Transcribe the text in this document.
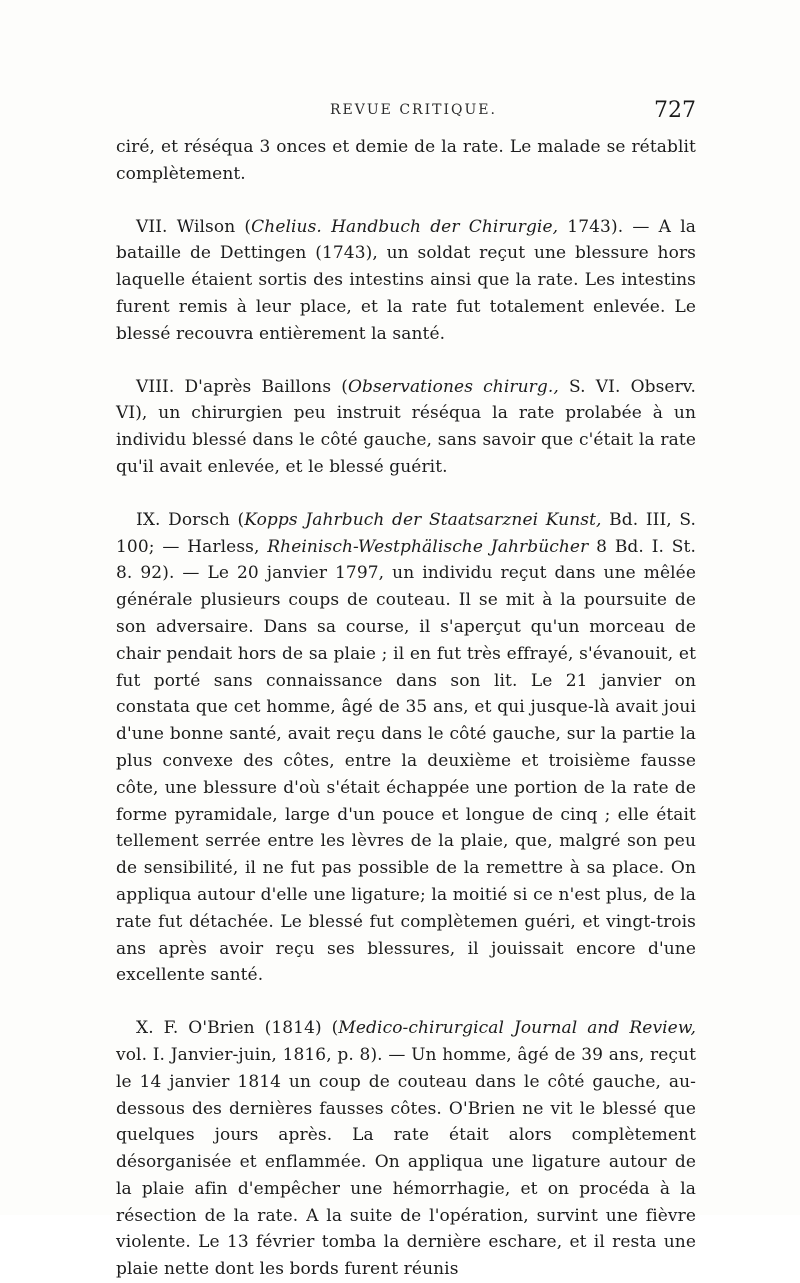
REVUE CRITIQUE.	727

ciré, et réséqua 3 onces et demie de la rate. Le malade se rétablit complètement.

VII. Wilson (Chelius. Handbuch der Chirurgie, 1743). — A la bataille de Dettingen (1743), un soldat reçut une blessure hors laquelle étaient sortis des intestins ainsi que la rate. Les intestins furent remis à leur place, et la rate fut totalement enlevée. Le blessé recouvra entièrement la santé.

VIII. D'après Baillons (Observationes chirurg., S. VI. Observ. VI), un chirurgien peu instruit réséqua la rate prolabée à un individu blessé dans le côté gauche, sans savoir que c'était la rate qu'il avait enlevée, et le blessé guérit.

IX. Dorsch (Kopps Jahrbuch der Staatsarznei Kunst, Bd. III, S. 100; — Harless, Rheinisch-Westphälische Jahrbücher 8 Bd. I. St. 8. 92). — Le 20 janvier 1797, un individu reçut dans une mêlée générale plusieurs coups de couteau. Il se mit à la poursuite de son adversaire. Dans sa course, il s'aperçut qu'un morceau de chair pendait hors de sa plaie ; il en fut très effrayé, s'évanouit, et fut porté sans connaissance dans son lit. Le 21 janvier on constata que cet homme, âgé de 35 ans, et qui jusque-là avait joui d'une bonne santé, avait reçu dans le côté gauche, sur la partie la plus convexe des côtes, entre la deuxième et troisième fausse côte, une blessure d'où s'était échappée une portion de la rate de forme pyramidale, large d'un pouce et longue de cinq ; elle était tellement serrée entre les lèvres de la plaie, que, malgré son peu de sensibilité, il ne fut pas possible de la remettre à sa place. On appliqua autour d'elle une ligature; la moitié si ce n'est plus, de la rate fut détachée. Le blessé fut complètemen guéri, et vingt-trois ans après avoir reçu ses blessures, il jouissait encore d'une excellente santé.

X. F. O'Brien (1814) (Medico-chirurgical Journal and Review, vol. I. Janvier-juin, 1816, p. 8). — Un homme, âgé de 39 ans, reçut le 14 janvier 1814 un coup de couteau dans le côté gauche, au-dessous des dernières fausses côtes. O'Brien ne vit le blessé que quelques jours après. La rate était alors complètement désorganisée et enflammée. On appliqua une ligature autour de la plaie afin d'empêcher une hémorrhagie, et on procéda à la résection de la rate. A la suite de l'opération, survint une fièvre violente. Le 13 février tomba la dernière eschare, et il resta une plaie nette dont les bords furent réunis
